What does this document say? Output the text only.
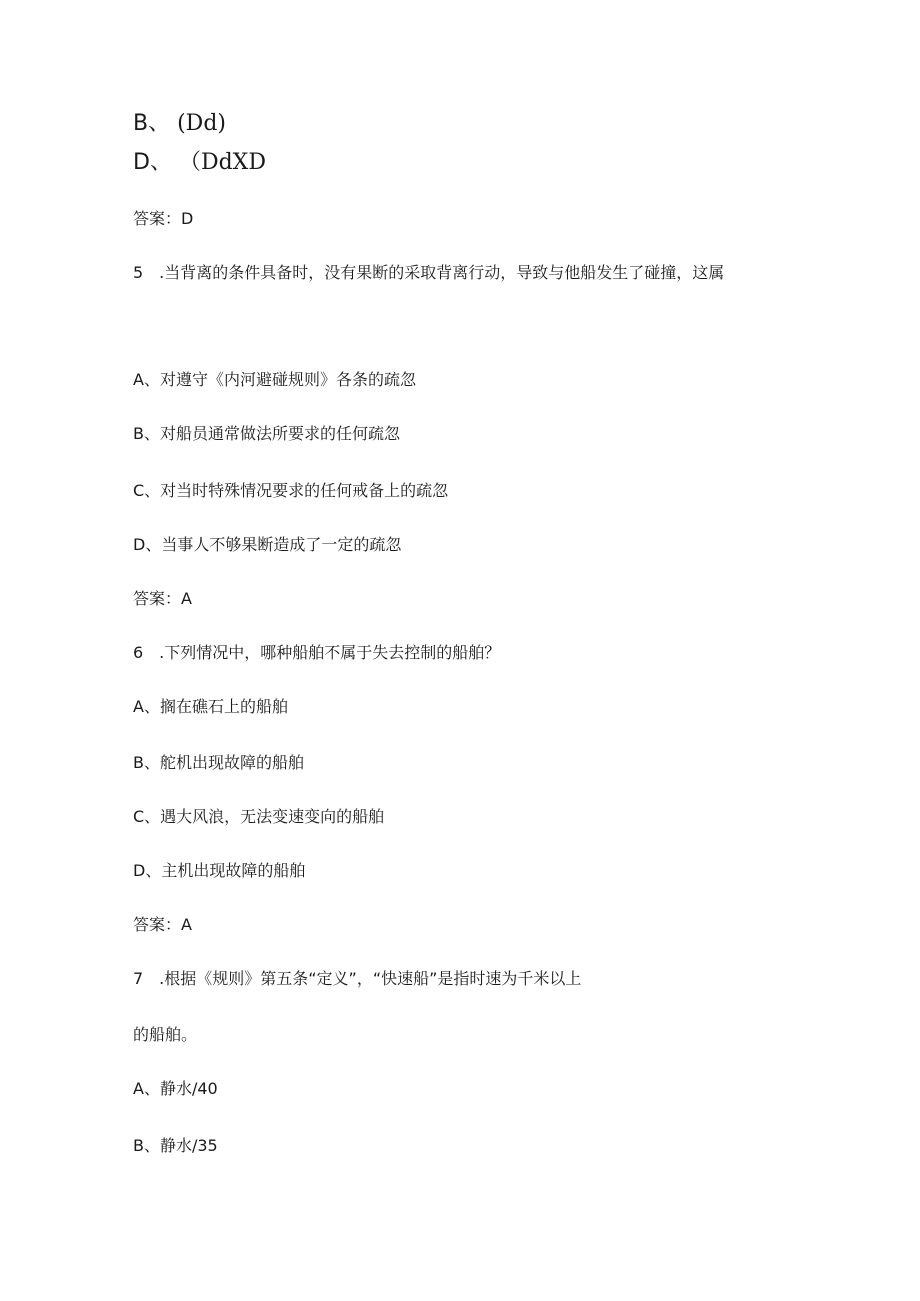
B、 (Dd)
D、 （DdXD
答案：D
5　.当背离的条件具备时，没有果断的采取背离行动，导致与他船发生了碰撞，这属
A、对遵守《内河避碰规则》各条的疏忽
B、对船员通常做法所要求的任何疏忽
C、对当时特殊情况要求的任何戒备上的疏忽
D、当事人不够果断造成了一定的疏忽
答案：A
6　.下列情况中，哪种船舶不属于失去控制的船舶？
A、搁在礁石上的船舶
B、舵机出现故障的船舶
C、遇大风浪，无法变速变向的船舶
D、主机出现故障的船舶
答案：A
7　.根据《规则》第五条“定义”，“快速船”是指时速为千米以上
的船舶。
A、静水/40
B、静水/35
